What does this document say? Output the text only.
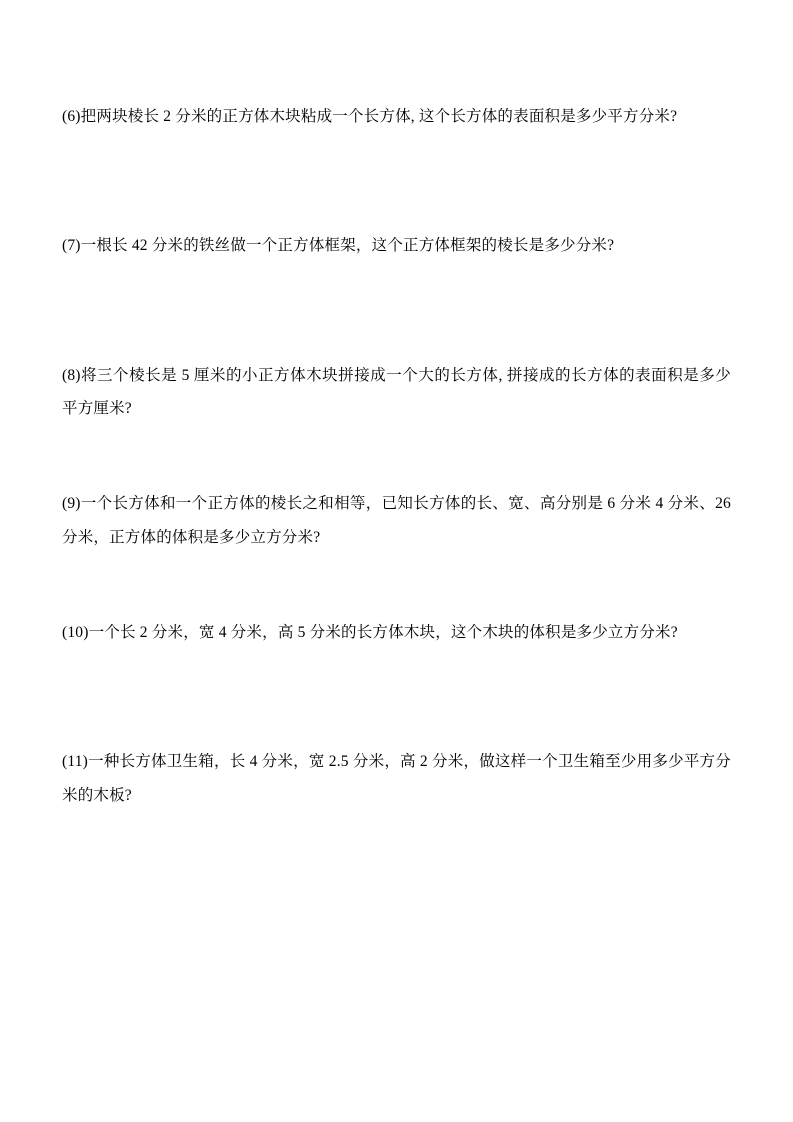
(6)把两块棱长 2 分米的正方体木块粘成一个长方体, 这个长方体的表面积是多少平方分米?

(7)一根长 42 分米的铁丝做一个正方体框架，这个正方体框架的棱长是多少分米?

(8)将三个棱长是 5 厘米的小正方体木块拼接成一个大的长方体, 拼接成的长方体的表面积是多少平方厘米?

(9)一个长方体和一个正方体的棱长之和相等，已知长方体的长、宽、高分别是 6 分米 4 分米、26 分米，正方体的体积是多少立方分米?

(10)一个长 2 分米，宽 4 分米，高 5 分米的长方体木块，这个木块的体积是多少立方分米?

(11)一种长方体卫生箱，长 4 分米，宽 2.5 分米，高 2 分米，做这样一个卫生箱至少用多少平方分米的木板?
